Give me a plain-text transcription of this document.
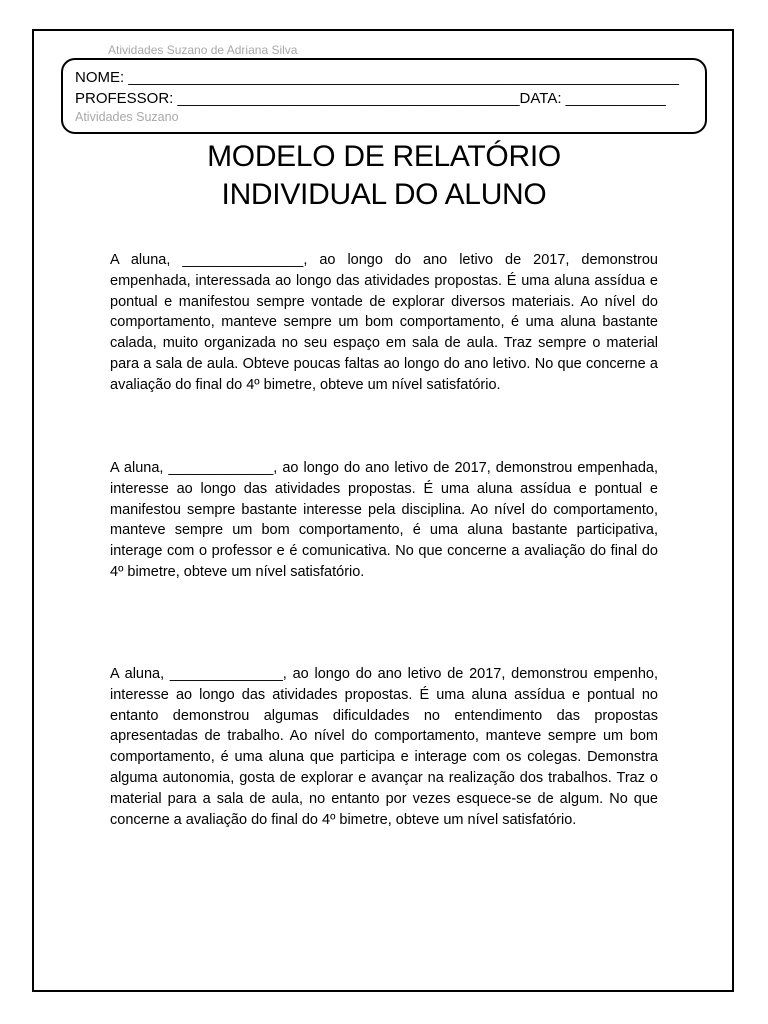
Atividades Suzano de Adriana Silva
NOME: __________________________________________________________________
PROFESSOR: _________________________________________DATA: ____________
Atividades Suzano
MODELO DE RELATÓRIO
INDIVIDUAL DO ALUNO

A aluna, _______________, ao longo do ano letivo de 2017, demonstrou empenhada, interessada ao longo das atividades propostas. É uma aluna assídua e pontual e manifestou sempre vontade de explorar diversos materiais. Ao nível do comportamento, manteve sempre um bom comportamento, é uma aluna bastante calada, muito organizada no seu espaço em sala de aula. Traz sempre o material para a sala de aula. Obteve poucas faltas ao longo do ano letivo. No que concerne a avaliação do final do 4º bimetre, obteve um nível satisfatório.

A aluna, _____________, ao longo do ano letivo de 2017, demonstrou empenhada, interesse ao longo das atividades propostas. É uma aluna assídua e pontual e manifestou sempre bastante interesse pela disciplina. Ao nível do comportamento, manteve sempre um bom comportamento, é uma aluna bastante participativa, interage com o professor e é comunicativa. No que concerne a avaliação do final do 4º bimetre, obteve um nível satisfatório.

A aluna, ______________, ao longo do ano letivo de 2017, demonstrou empenho, interesse ao longo das atividades propostas. É uma aluna assídua e pontual no entanto demonstrou algumas dificuldades no entendimento das propostas apresentadas de trabalho. Ao nível do comportamento, manteve sempre um bom comportamento, é uma aluna que participa e interage com os colegas. Demonstra alguma autonomia, gosta de explorar e avançar na realização dos trabalhos. Traz o material para a sala de aula, no entanto por vezes esquece-se de algum. No que concerne a avaliação do final do 4º bimetre, obteve um nível satisfatório.
